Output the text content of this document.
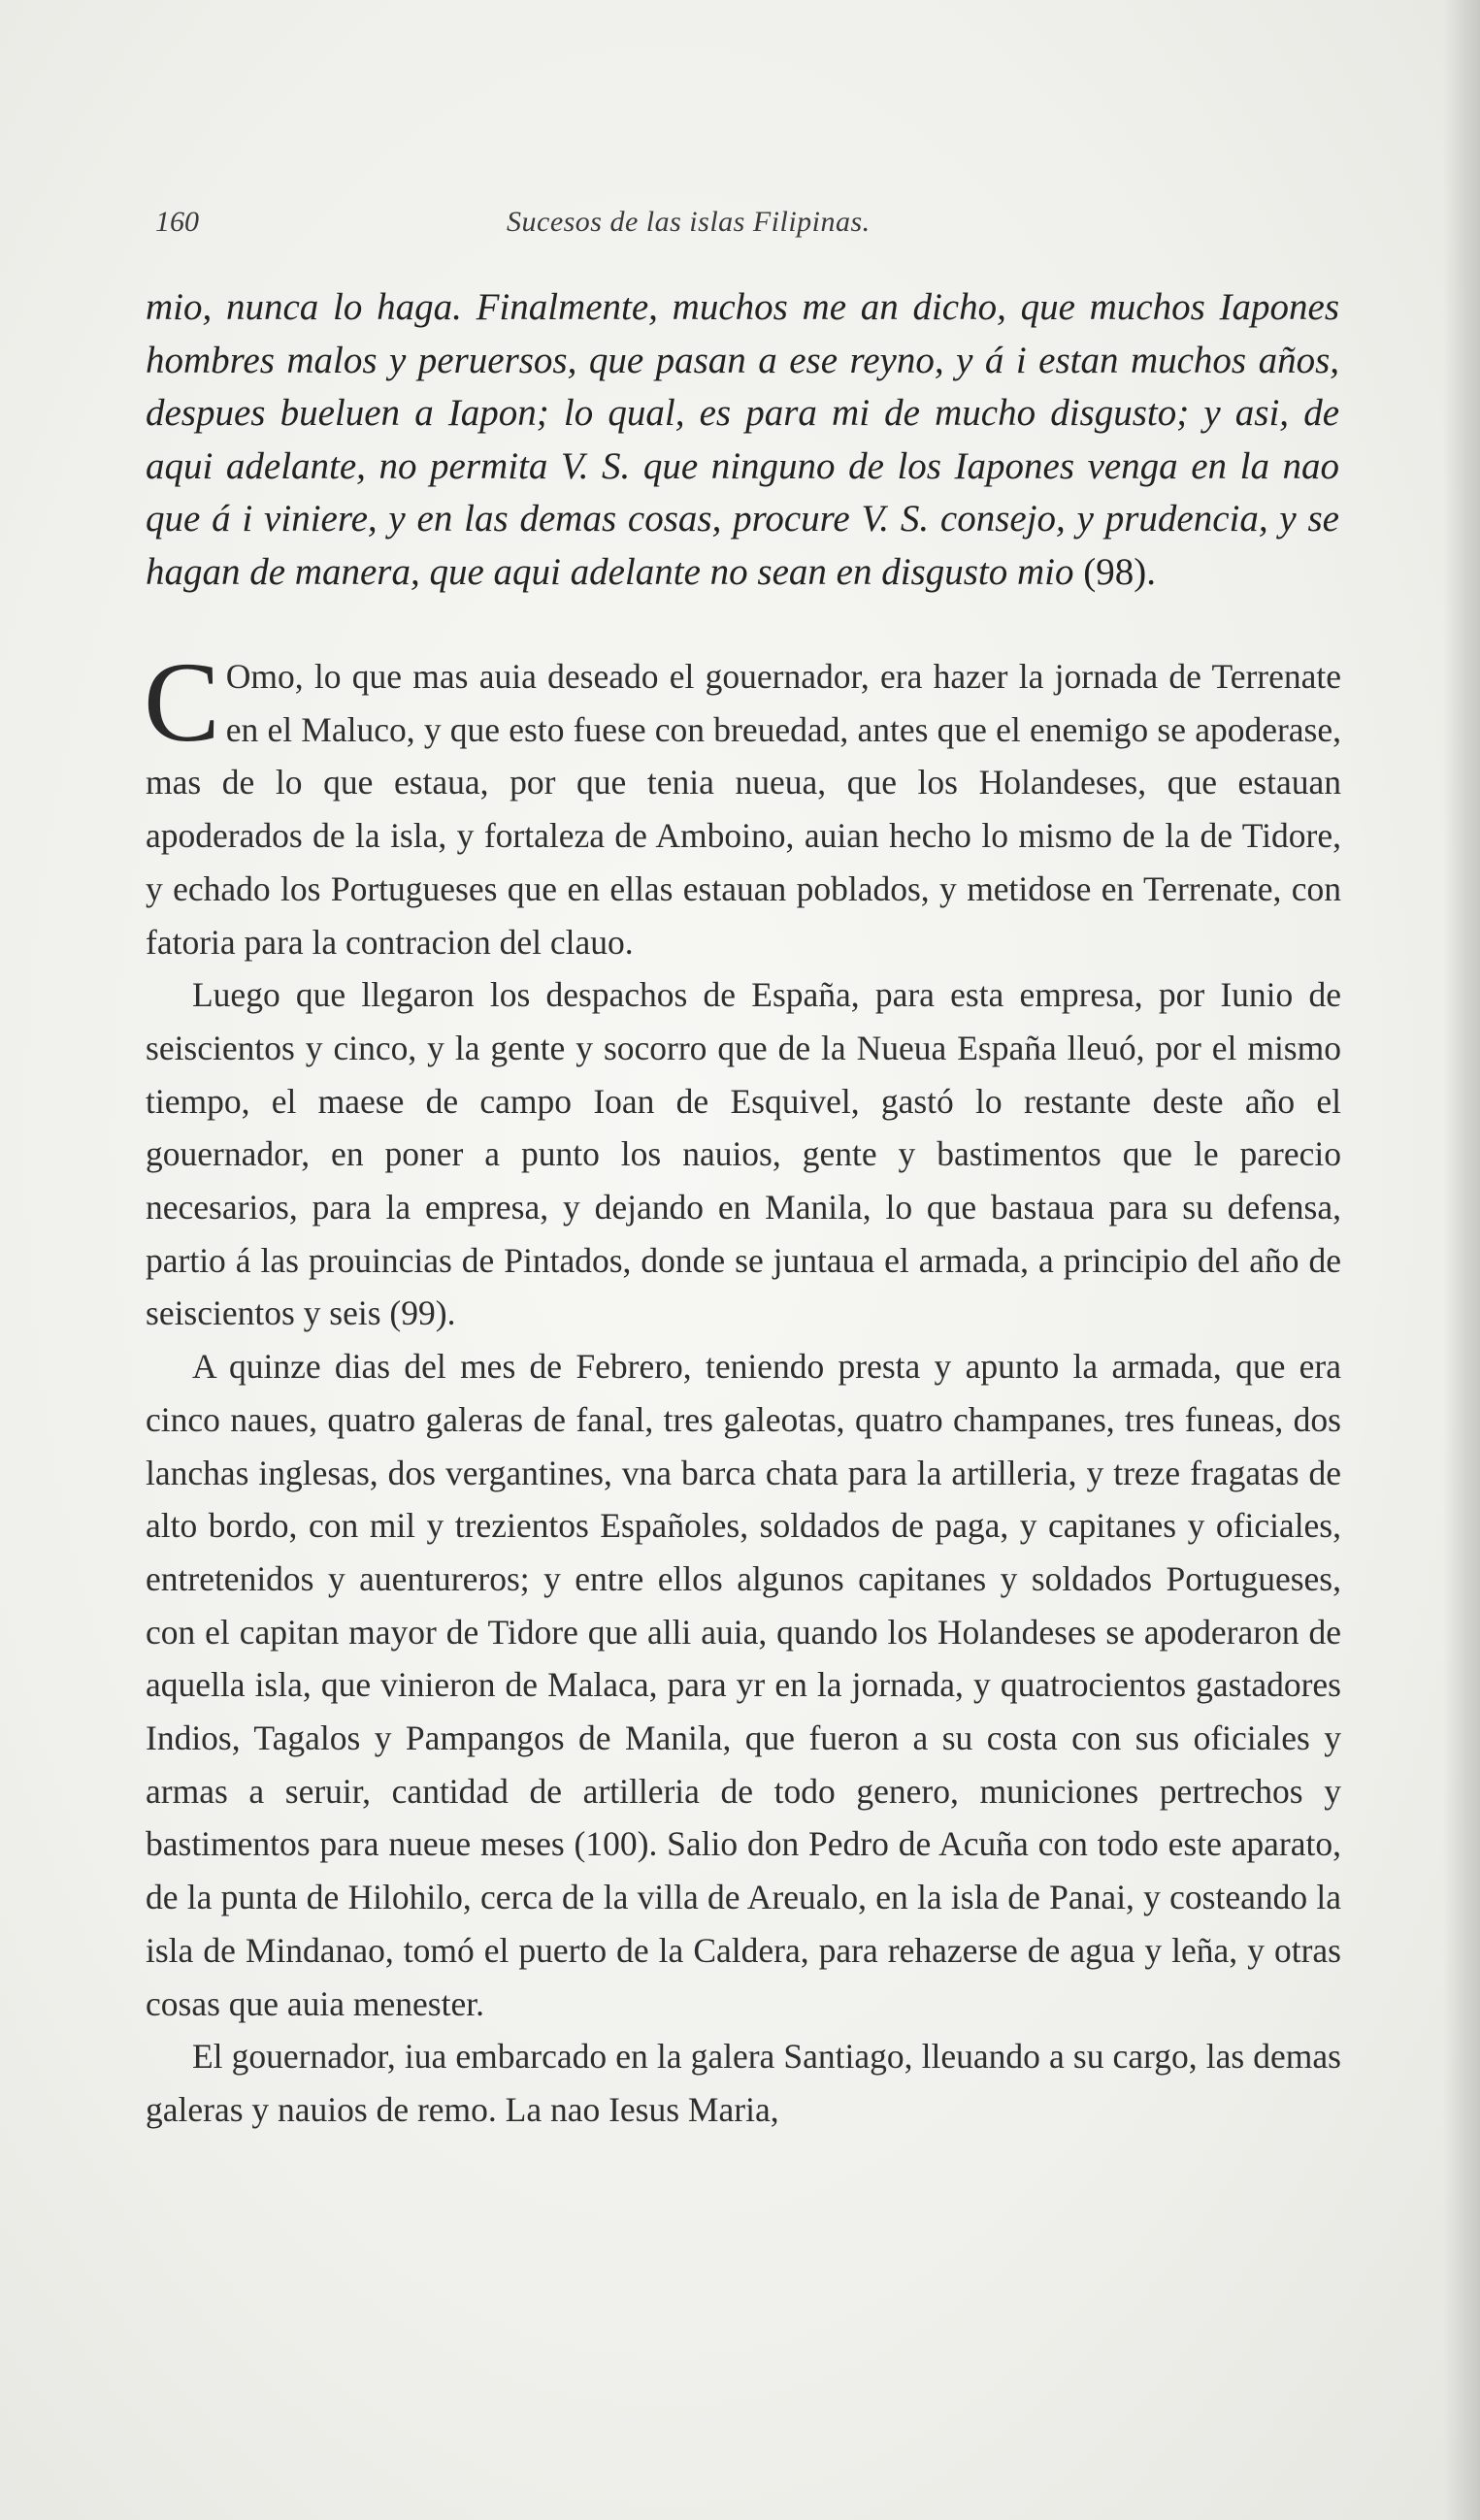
160	Sucesos de las islas Filipinas.
mio, nunca lo haga. Finalmente, muchos me an dicho, que muchos Iapones hombres malos y peruersos, que pasan a ese reyno, y á i estan muchos años, despues bueluen a Iapon; lo qual, es para mi de mucho disgusto; y asi, de aqui adelante, no permita V. S. que ninguno de los Iapones venga en la nao que á i viniere, y en las demas cosas, procure V. S. consejo, y prudencia, y se hagan de manera, que aqui adelante no sean en disgusto mio (98).

C Omo, lo que mas auia deseado el gouernador, era hazer la jornada de Terrenate en el Maluco, y que esto fuese con breuedad, antes que el enemigo se apoderase, mas de lo que estaua, por que tenia nueua, que los Holandeses, que estauan apoderados de la isla, y fortaleza de Amboino, auian hecho lo mismo de la de Tidore, y echado los Portugueses que en ellas estauan poblados, y metidose en Terrenate, con fatoria para la contracion del clauo.

Luego que llegaron los despachos de España, para esta empresa, por Iunio de seiscientos y cinco, y la gente y socorro que de la Nueua España lleuó, por el mismo tiempo, el maese de campo Ioan de Esquivel, gastó lo restante deste año el gouernador, en poner a punto los nauios, gente y bastimentos que le parecio necesarios, para la empresa, y dejando en Manila, lo que bastaua para su defensa, partio á las prouincias de Pintados, donde se juntaua el armada, a principio del año de seiscientos y seis (99).

A quinze dias del mes de Febrero, teniendo presta y apunto la armada, que era cinco naues, quatro galeras de fanal, tres galeotas, quatro champanes, tres funeas, dos lanchas inglesas, dos vergantines, vna barca chata para la artilleria, y treze fragatas de alto bordo, con mil y trezientos Españoles, soldados de paga, y capitanes y oficiales, entretenidos y auentureros; y entre ellos algunos capitanes y soldados Portugueses, con el capitan mayor de Tidore que alli auia, quando los Holandeses se apoderaron de aquella isla, que vinieron de Malaca, para yr en la jornada, y quatrocientos gastadores Indios, Tagalos y Pampangos de Manila, que fueron a su costa con sus oficiales y armas a seruir, cantidad de artilleria de todo genero, municiones pertrechos y bastimentos para nueue meses (100). Salio don Pedro de Acuña con todo este aparato, de la punta de Hilohilo, cerca de la villa de Areualo, en la isla de Panai, y costeando la isla de Mindanao, tomó el puerto de la Caldera, para rehazerse de agua y leña, y otras cosas que auia menester.

El gouernador, iua embarcado en la galera Santiago, lleuando a su cargo, las demas galeras y nauios de remo. La nao Iesus Maria,
